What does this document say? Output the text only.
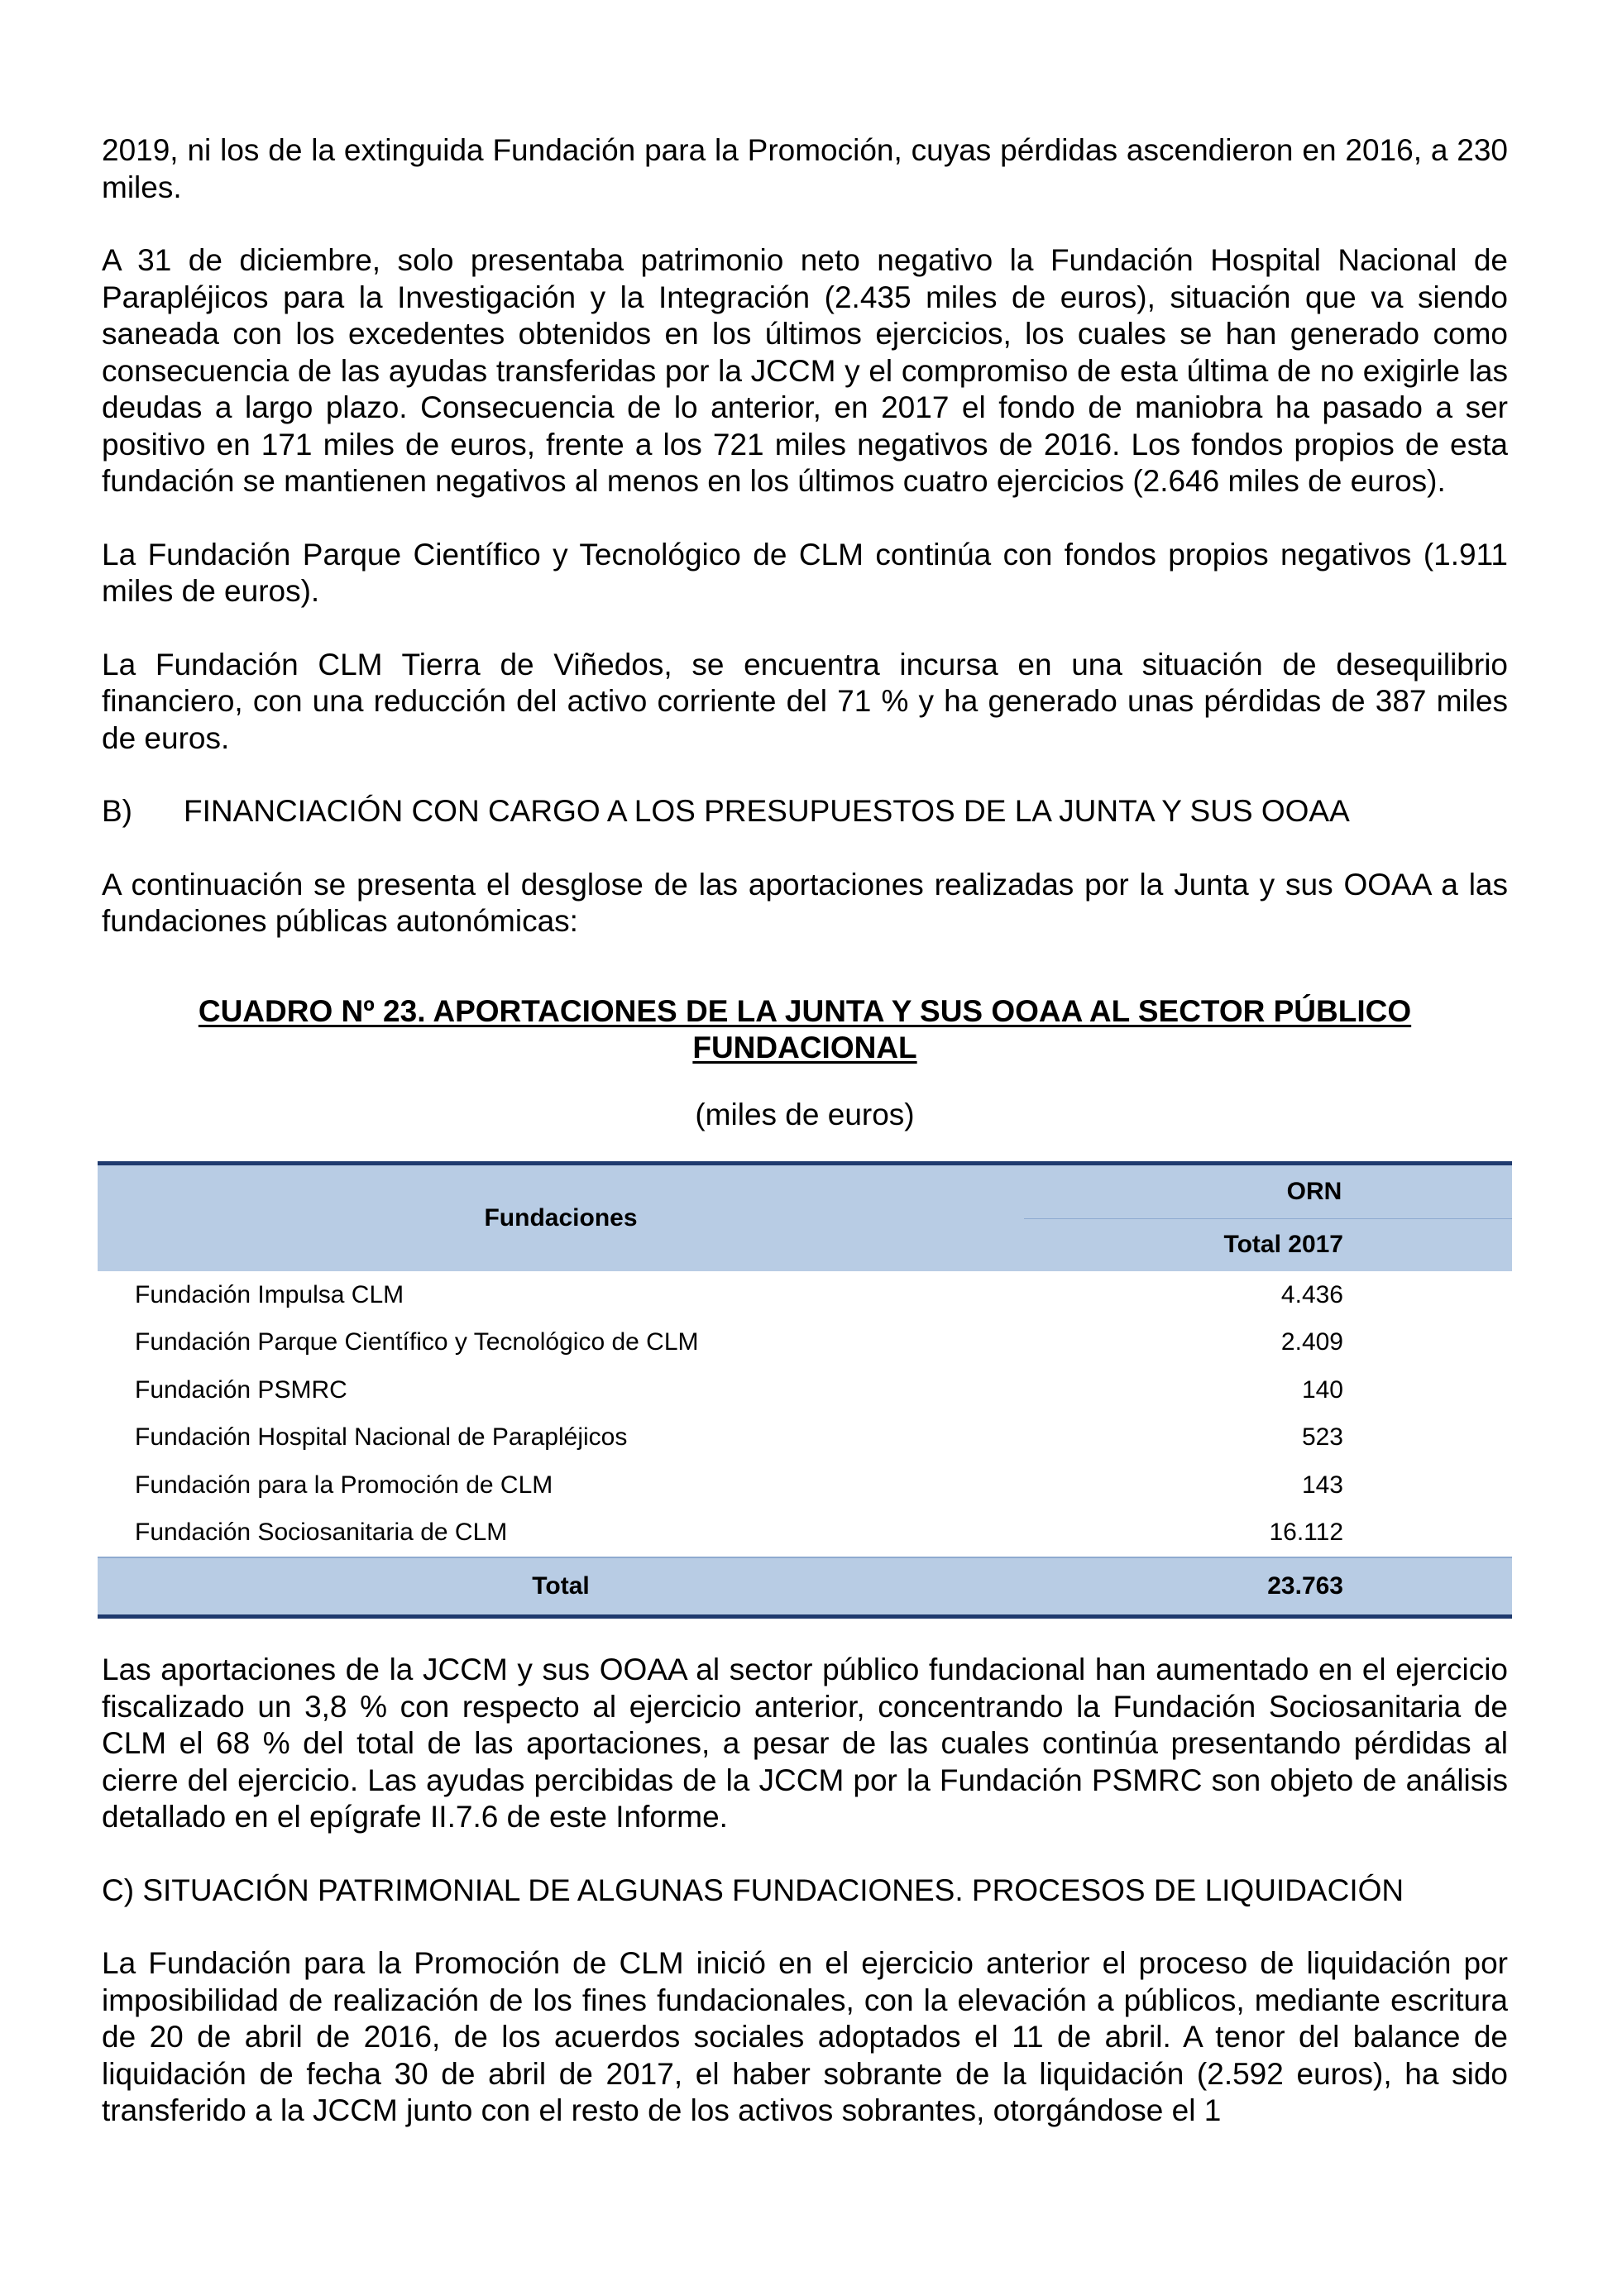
2019, ni los de la extinguida Fundación para la Promoción, cuyas pérdidas ascendieron en 2016, a 230 miles.

A 31 de diciembre, solo presentaba patrimonio neto negativo la Fundación Hospital Nacional de Parapléjicos para la Investigación y la Integración (2.435 miles de euros), situación que va siendo saneada con los excedentes obtenidos en los últimos ejercicios, los cuales se han generado como consecuencia de las ayudas transferidas por la JCCM y el compromiso de esta última de no exigirle las deudas a largo plazo. Consecuencia de lo anterior, en 2017 el fondo de maniobra ha pasado a ser positivo en 171 miles de euros, frente a los 721 miles negativos de 2016. Los fondos propios de esta fundación se mantienen negativos al menos en los últimos cuatro ejercicios (2.646 miles de euros).

La Fundación Parque Científico y Tecnológico de CLM continúa con fondos propios negativos (1.911 miles de euros).

La Fundación CLM Tierra de Viñedos, se encuentra incursa en una situación de desequilibrio financiero, con una reducción del activo corriente del 71 % y ha generado unas pérdidas de 387 miles de euros.

B)	FINANCIACIÓN CON CARGO A LOS PRESUPUESTOS DE LA JUNTA Y SUS OOAA

A continuación se presenta el desglose de las aportaciones realizadas por la Junta y sus OOAA a las fundaciones públicas autonómicas:

CUADRO Nº 23. APORTACIONES DE LA JUNTA Y SUS OOAA AL SECTOR PÚBLICO FUNDACIONAL
(miles de euros)

Fundaciones	ORN
	Total 2017
Fundación Impulsa CLM	4.436
Fundación Parque Científico y Tecnológico de CLM	2.409
Fundación PSMRC	140
Fundación Hospital Nacional de Parapléjicos	523
Fundación para la Promoción de CLM	143
Fundación Sociosanitaria de CLM	16.112
Total	23.763

Las aportaciones de la JCCM y sus OOAA al sector público fundacional han aumentado en el ejercicio fiscalizado un 3,8 % con respecto al ejercicio anterior, concentrando la Fundación Sociosanitaria de CLM el 68 % del total de las aportaciones, a pesar de las cuales continúa presentando pérdidas al cierre del ejercicio. Las ayudas percibidas de la JCCM por la Fundación PSMRC son objeto de análisis detallado en el epígrafe II.7.6 de este Informe.

C) SITUACIÓN PATRIMONIAL DE ALGUNAS FUNDACIONES. PROCESOS DE LIQUIDACIÓN

La Fundación para la Promoción de CLM inició en el ejercicio anterior el proceso de liquidación por imposibilidad de realización de los fines fundacionales, con la elevación a públicos, mediante escritura de 20 de abril de 2016, de los acuerdos sociales adoptados el 11 de abril. A tenor del balance de liquidación de fecha 30 de abril de 2017, el haber sobrante de la liquidación (2.592 euros), ha sido transferido a la JCCM junto con el resto de los activos sobrantes, otorgándose el 1
